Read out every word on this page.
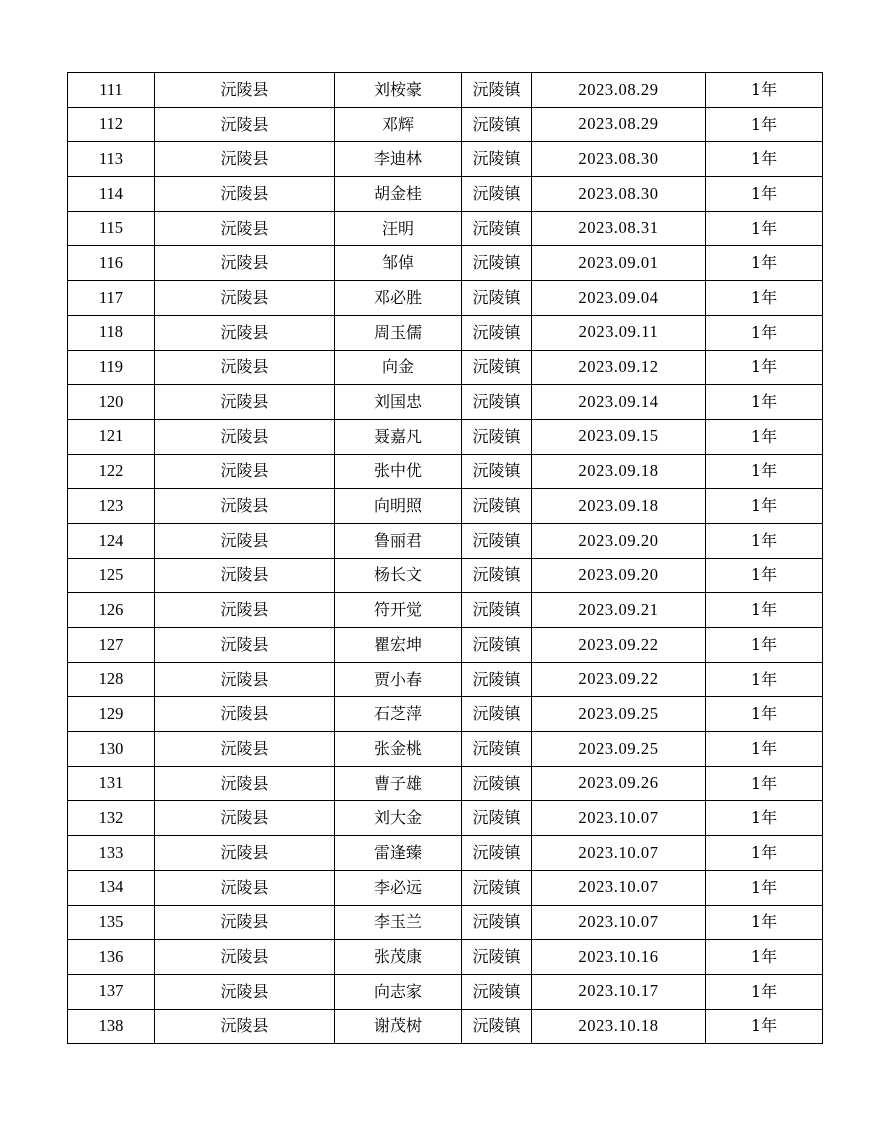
111	沅陵县	刘桉豪	沅陵镇	2023.08.29	1年
112	沅陵县	邓辉	沅陵镇	2023.08.29	1年
113	沅陵县	李迪林	沅陵镇	2023.08.30	1年
114	沅陵县	胡金桂	沅陵镇	2023.08.30	1年
115	沅陵县	汪明	沅陵镇	2023.08.31	1年
116	沅陵县	邹倬	沅陵镇	2023.09.01	1年
117	沅陵县	邓必胜	沅陵镇	2023.09.04	1年
118	沅陵县	周玉儒	沅陵镇	2023.09.11	1年
119	沅陵县	向金	沅陵镇	2023.09.12	1年
120	沅陵县	刘国忠	沅陵镇	2023.09.14	1年
121	沅陵县	聂嘉凡	沅陵镇	2023.09.15	1年
122	沅陵县	张中优	沅陵镇	2023.09.18	1年
123	沅陵县	向明照	沅陵镇	2023.09.18	1年
124	沅陵县	鲁丽君	沅陵镇	2023.09.20	1年
125	沅陵县	杨长文	沅陵镇	2023.09.20	1年
126	沅陵县	符开觉	沅陵镇	2023.09.21	1年
127	沅陵县	瞿宏坤	沅陵镇	2023.09.22	1年
128	沅陵县	贾小春	沅陵镇	2023.09.22	1年
129	沅陵县	石芝萍	沅陵镇	2023.09.25	1年
130	沅陵县	张金桃	沅陵镇	2023.09.25	1年
131	沅陵县	曹子雄	沅陵镇	2023.09.26	1年
132	沅陵县	刘大金	沅陵镇	2023.10.07	1年
133	沅陵县	雷逢臻	沅陵镇	2023.10.07	1年
134	沅陵县	李必远	沅陵镇	2023.10.07	1年
135	沅陵县	李玉兰	沅陵镇	2023.10.07	1年
136	沅陵县	张茂康	沅陵镇	2023.10.16	1年
137	沅陵县	向志家	沅陵镇	2023.10.17	1年
138	沅陵县	谢茂树	沅陵镇	2023.10.18	1年
